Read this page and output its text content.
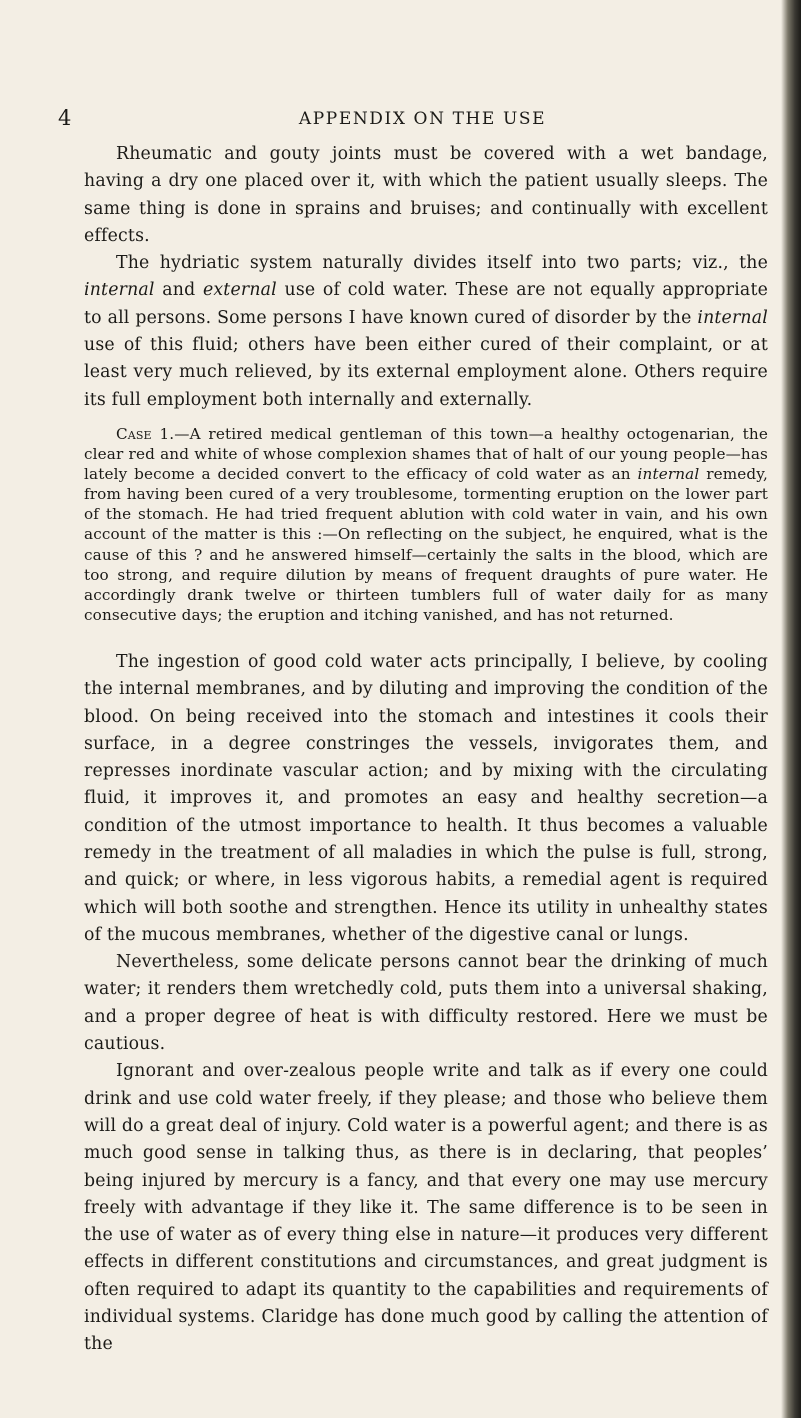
4	APPENDIX ON THE USE

Rheumatic and gouty joints must be covered with a wet bandage, having a dry one placed over it, with which the patient usually sleeps. The same thing is done in sprains and bruises; and continually with excellent effects.

The hydriatic system naturally divides itself into two parts; viz., the internal and external use of cold water. These are not equally appropriate to all persons. Some persons I have known cured of disorder by the internal use of this fluid; others have been either cured of their complaint, or at least very much relieved, by its external employment alone. Others require its full employment both internally and externally.

Case 1.—A retired medical gentleman of this town—a healthy octogenarian, the clear red and white of whose complexion shames that of halt of our young people—has lately become a decided convert to the efficacy of cold water as an internal remedy, from having been cured of a very troublesome, tormenting eruption on the lower part of the stomach. He had tried frequent ablution with cold water in vain, and his own account of the matter is this :—On reflecting on the subject, he enquired, what is the cause of this ? and he answered himself—certainly the salts in the blood, which are too strong, and require dilution by means of frequent draughts of pure water. He accordingly drank twelve or thirteen tumblers full of water daily for as many consecutive days; the eruption and itching vanished, and has not returned.

The ingestion of good cold water acts principally, I believe, by cooling the internal membranes, and by diluting and improving the condition of the blood. On being received into the stomach and intestines it cools their surface, in a degree constringes the vessels, invigorates them, and represses inordinate vascular action; and by mixing with the circulating fluid, it improves it, and promotes an easy and healthy secretion—a condition of the utmost importance to health. It thus becomes a valuable remedy in the treatment of all maladies in which the pulse is full, strong, and quick; or where, in less vigorous habits, a remedial agent is required which will both soothe and strengthen. Hence its utility in unhealthy states of the mucous membranes, whether of the digestive canal or lungs.

Nevertheless, some delicate persons cannot bear the drinking of much water; it renders them wretchedly cold, puts them into a universal shaking, and a proper degree of heat is with difficulty restored. Here we must be cautious.

Ignorant and over-zealous people write and talk as if every one could drink and use cold water freely, if they please; and those who believe them will do a great deal of injury. Cold water is a powerful agent; and there is as much good sense in talking thus, as there is in declaring, that peoples’ being injured by mercury is a fancy, and that every one may use mercury freely with advantage if they like it. The same difference is to be seen in the use of water as of every thing else in nature—it produces very different effects in different constitutions and circumstances, and great judgment is often required to adapt its quantity to the capabilities and requirements of individual systems. Claridge has done much good by calling the attention of the
